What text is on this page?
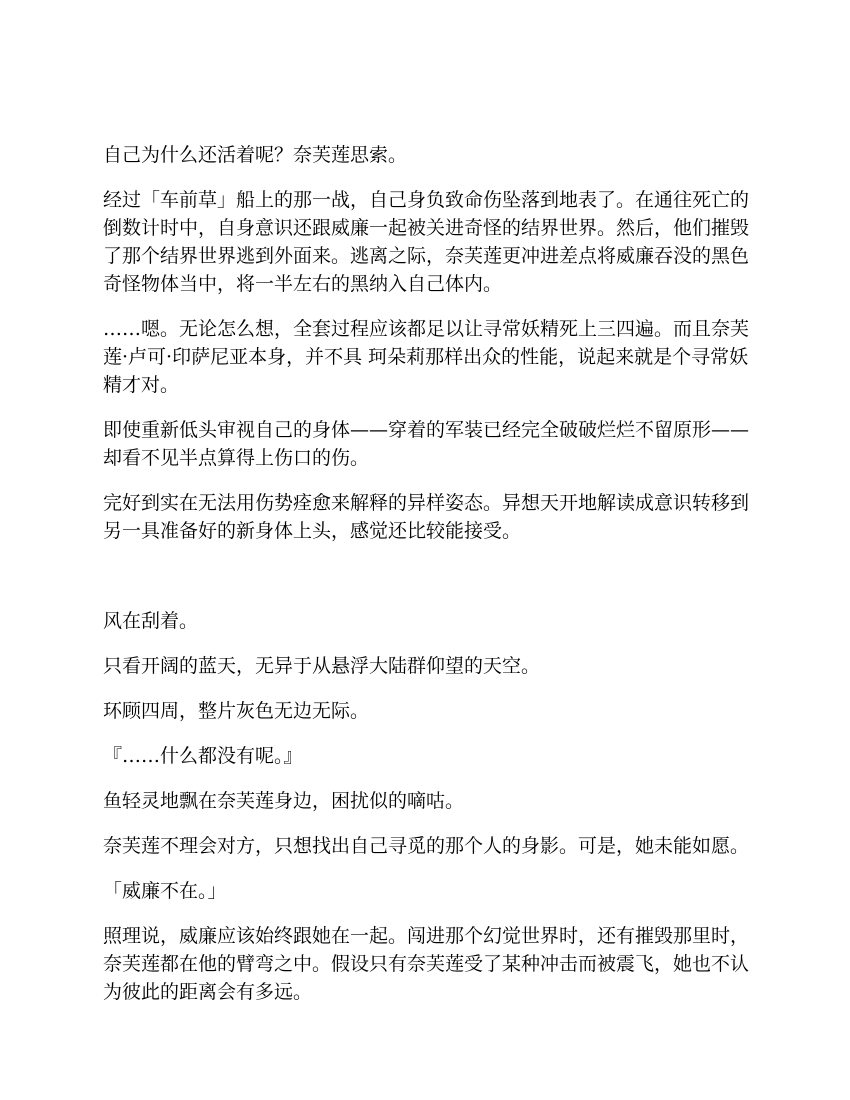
自己为什么还活着呢？奈芙莲思索。

经过「车前草」船上的那一战，自己身负致命伤坠落到地表了。在通往死亡的倒数计时中，自身意识还跟威廉一起被关进奇怪的结界世界。然后，他们摧毁了那个结界世界逃到外面来。逃离之际，奈芙莲更冲进差点将威廉吞没的黑色奇怪物体当中，将一半左右的黑纳入自己体内。

……嗯。无论怎么想，全套过程应该都足以让寻常妖精死上三四遍。而且奈芙莲·卢可·印萨尼亚本身，并不具 珂朵莉那样出众的性能，说起来就是个寻常妖精才对。

即使重新低头审视自己的身体——穿着的军装已经完全破破烂烂不留原形——却看不见半点算得上伤口的伤。

完好到实在无法用伤势痊愈来解释的异样姿态。异想天开地解读成意识转移到另一具准备好的新身体上头，感觉还比较能接受。

风在刮着。

只看开阔的蓝天，无异于从悬浮大陆群仰望的天空。

环顾四周，整片灰色无边无际。

『……什么都没有呢。』

鱼轻灵地飘在奈芙莲身边，困扰似的嘀咕。

奈芙莲不理会对方，只想找出自己寻觅的那个人的身影。可是，她未能如愿。

「威廉不在。」

照理说，威廉应该始终跟她在一起。闯进那个幻觉世界时，还有摧毁那里时，奈芙莲都在他的臂弯之中。假设只有奈芙莲受了某种冲击而被震飞，她也不认为彼此的距离会有多远。
